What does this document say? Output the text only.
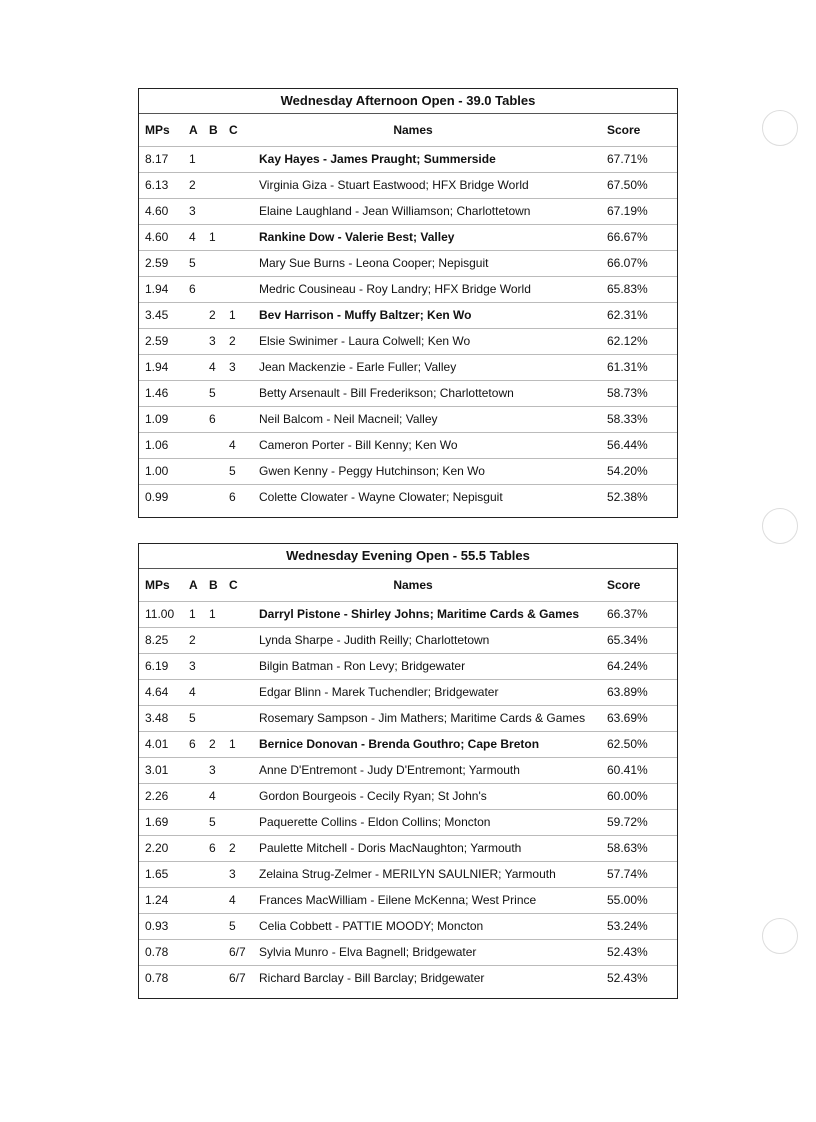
Wednesday Afternoon Open - 39.0 Tables
MPs	A	B	C	Names	Score
8.17	1			Kay Hayes - James Praught; Summerside	67.71%
6.13	2			Virginia Giza - Stuart Eastwood; HFX Bridge World	67.50%
4.60	3			Elaine Laughland - Jean Williamson; Charlottetown	67.19%
4.60	4	1		Rankine Dow - Valerie Best; Valley	66.67%
2.59	5			Mary Sue Burns - Leona Cooper; Nepisguit	66.07%
1.94	6			Medric Cousineau - Roy Landry; HFX Bridge World	65.83%
3.45		2	1	Bev Harrison - Muffy Baltzer; Ken Wo	62.31%
2.59		3	2	Elsie Swinimer - Laura Colwell; Ken Wo	62.12%
1.94		4	3	Jean Mackenzie - Earle Fuller; Valley	61.31%
1.46		5		Betty Arsenault - Bill Frederikson; Charlottetown	58.73%
1.09		6		Neil Balcom - Neil Macneil; Valley	58.33%
1.06			4	Cameron Porter - Bill Kenny; Ken Wo	56.44%
1.00			5	Gwen Kenny - Peggy Hutchinson; Ken Wo	54.20%
0.99			6	Colette Clowater - Wayne Clowater; Nepisguit	52.38%
Wednesday Evening Open - 55.5 Tables
MPs	A	B	C	Names	Score
11.00	1	1		Darryl Pistone - Shirley Johns; Maritime Cards & Games	66.37%
8.25	2			Lynda Sharpe - Judith Reilly; Charlottetown	65.34%
6.19	3			Bilgin Batman - Ron Levy; Bridgewater	64.24%
4.64	4			Edgar Blinn - Marek Tuchendler; Bridgewater	63.89%
3.48	5			Rosemary Sampson - Jim Mathers; Maritime Cards & Games	63.69%
4.01	6	2	1	Bernice Donovan - Brenda Gouthro; Cape Breton	62.50%
3.01		3		Anne D'Entremont - Judy D'Entremont; Yarmouth	60.41%
2.26		4		Gordon Bourgeois - Cecily Ryan; St John's	60.00%
1.69		5		Paquerette Collins - Eldon Collins; Moncton	59.72%
2.20		6	2	Paulette Mitchell - Doris MacNaughton; Yarmouth	58.63%
1.65			3	Zelaina Strug-Zelmer - MERILYN SAULNIER; Yarmouth	57.74%
1.24			4	Frances MacWilliam - Eilene McKenna; West Prince	55.00%
0.93			5	Celia Cobbett - PATTIE MOODY; Moncton	53.24%
0.78			6/7	Sylvia Munro - Elva Bagnell; Bridgewater	52.43%
0.78			6/7	Richard Barclay - Bill Barclay; Bridgewater	52.43%
